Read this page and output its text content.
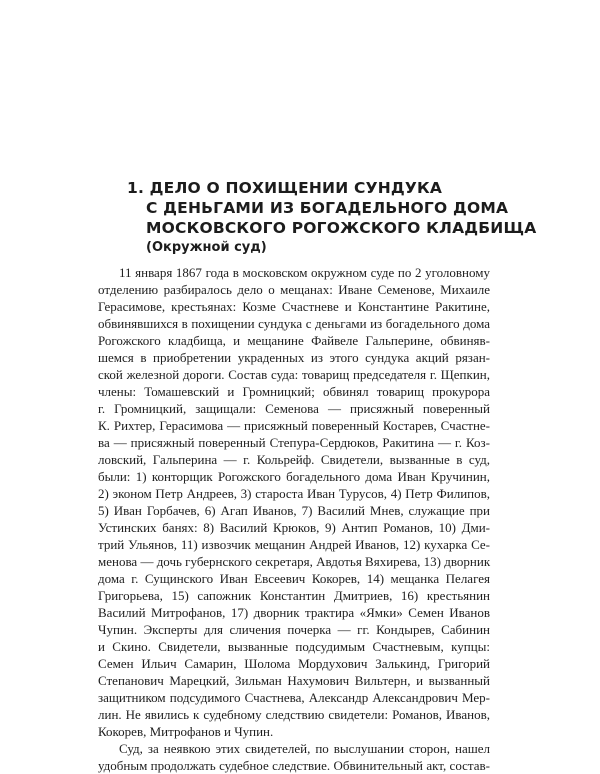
1. ДЕЛО О ПОХИЩЕНИИ СУНДУКА
С ДЕНЬГАМИ ИЗ БОГАДЕЛЬНОГО ДОМА
МОСКОВСКОГО РОГОЖСКОГО КЛАДБИЩА
(Окружной суд)
11 января 1867 года в московском окружном суде по 2 уголовному
отделению разбиралось дело о мещанах: Иване Семенове, Михаиле
Герасимове, крестьянах: Козме Счастневе и Константине Ракитине,
обвинявшихся в похищении сундука с деньгами из богадельного дома
Рогожского кладбища, и мещанине Файвеле Гальперине, обвиняв-
шемся в приобретении украденных из этого сундука акций рязан-
ской железной дороги. Состав суда: товарищ председателя г. Щепкин,
члены: Томашевский и Громницкий; обвинял товарищ прокурора
г. Громницкий, защищали: Семенова — присяжный поверенный
К. Рихтер, Герасимова — присяжный поверенный Костарев, Счастне-
ва — присяжный поверенный Степура-Сердюков, Ракитина — г. Коз-
ловский, Гальперина — г. Кольрейф. Свидетели, вызванные в суд,
были: 1) конторщик Рогожского богадельного дома Иван Кручинин,
2) эконом Петр Андреев, 3) староста Иван Турусов, 4) Петр Филипов,
5) Иван Горбачев, 6) Агап Иванов, 7) Василий Мнев, служащие при
Устинских банях: 8) Василий Крюков, 9) Антип Романов, 10) Дми-
трий Ульянов, 11) извозчик мещанин Андрей Иванов, 12) кухарка Се-
менова — дочь губернского секретаря, Авдотья Вяхирева, 13) дворник
дома г. Сущинского Иван Евсеевич Кокорев, 14) мещанка Пелагея
Григорьева, 15) сапожник Константин Дмитриев, 16) крестьянин
Василий Митрофанов, 17) дворник трактира «Ямки» Семен Иванов
Чупин. Эксперты для сличения почерка — гг. Кондырев, Сабинин
и Скино. Свидетели, вызванные подсудимым Счастневым, купцы:
Семен Ильич Самарин, Шолома Мордухович Залькинд, Григорий
Степанович Марецкий, Зильман Нахумович Вильтерн, и вызванный
защитником подсудимого Счастнева, Александр Александрович Мер-
лин. Не явились к судебному следствию свидетели: Романов, Иванов,
Кокорев, Митрофанов и Чупин.
Суд, за неявкою этих свидетелей, по выслушании сторон, нашел
удобным продолжать судебное следствие. Обвинительный акт, состав-
